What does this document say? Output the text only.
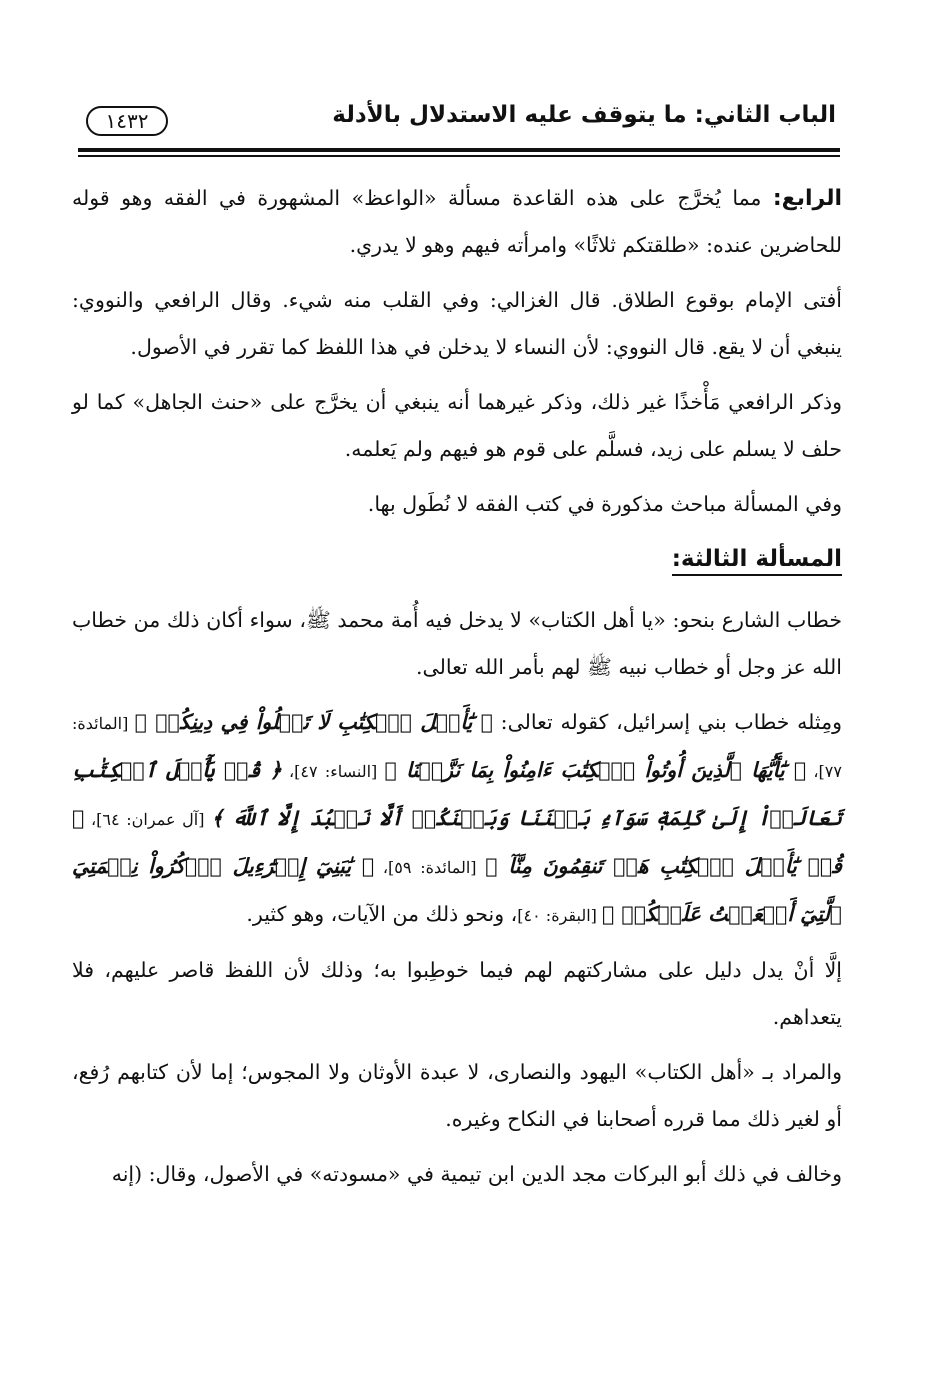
الباب الثاني: ما يتوقف عليه الاستدلال بالأدلة
١٤٣٢

الرابع: مما يُخرَّج على هذه القاعدة مسألة «الواعظ» المشهورة في الفقه وهو قوله للحاضرين عنده: «طلقتكم ثلاثًا» وامرأته فيهم وهو لا يدري.

أفتى الإمام بوقوع الطلاق. قال الغزالي: وفي القلب منه شيء. وقال الرافعي والنووي: ينبغي أن لا يقع. قال النووي: لأن النساء لا يدخلن في هذا اللفظ كما تقرر في الأصول.

وذكر الرافعي مَأْخذًا غير ذلك، وذكر غيرهما أنه ينبغي أن يخرَّج على «حنث الجاهل» كما لو حلف لا يسلم على زيد، فسلَّم على قوم هو فيهم ولم يَعلمه.

وفي المسألة مباحث مذكورة في كتب الفقه لا نُطَول بها.

المسألة الثالثة:

خطاب الشارع بنحو: «يا أهل الكتاب» لا يدخل فيه أُمة محمد ﷺ، سواء أكان ذلك من خطاب الله عز وجل أو خطاب نبيه ﷺ لهم بأمر الله تعالى.

ومِثله خطاب بني إسرائيل، كقوله تعالى: ﴿ يَٰٓأَهۡلَ ٱلۡكِتَٰبِ لَا تَغۡلُواْ فِي دِينِكُمۡ ﴾ [المائدة: ٧٧]، ﴿ يَٰٓأَيُّهَا ٱلَّذِينَ أُوتُواْ ٱلۡكِتَٰبَ ءَامِنُواْ بِمَا نَزَّلۡنَا ﴾ [النساء: ٤٧]، ﴿ قُلۡ يَٰٓأَهۡلَ ٱلۡكِتَٰبِ تَعَالَوۡاْ إِلَىٰ كَلِمَةٖ سَوَآءِۢ بَيۡنَنَا وَبَيۡنَكُمۡ أَلَّا نَعۡبُدَ إِلَّا ٱللَّهَ ﴾ [آل عمران: ٦٤]، ﴿ قُلۡ يَٰٓأَهۡلَ ٱلۡكِتَٰبِ هَلۡ تَنقِمُونَ مِنَّآ ﴾ [المائدة: ٥٩]، ﴿ يَٰبَنِيٓ إِسۡرَٰٓءِيلَ ٱذۡكُرُواْ نِعۡمَتِيَ ٱلَّتِيٓ أَنۡعَمۡتُ عَلَيۡكُمۡ ﴾ [البقرة: ٤٠]، ونحو ذلك من الآيات، وهو كثير.

إلَّا أنْ يدل دليل على مشاركتهم لهم فيما خوطِبوا به؛ وذلك لأن اللفظ قاصر عليهم، فلا يتعداهم.

والمراد بـ «أهل الكتاب» اليهود والنصارى، لا عبدة الأوثان ولا المجوس؛ إما لأن كتابهم رُفع، أو لغير ذلك مما قرره أصحابنا في النكاح وغيره.

وخالف في ذلك أبو البركات مجد الدين ابن تيمية في «مسودته» في الأصول، وقال: (إنه
